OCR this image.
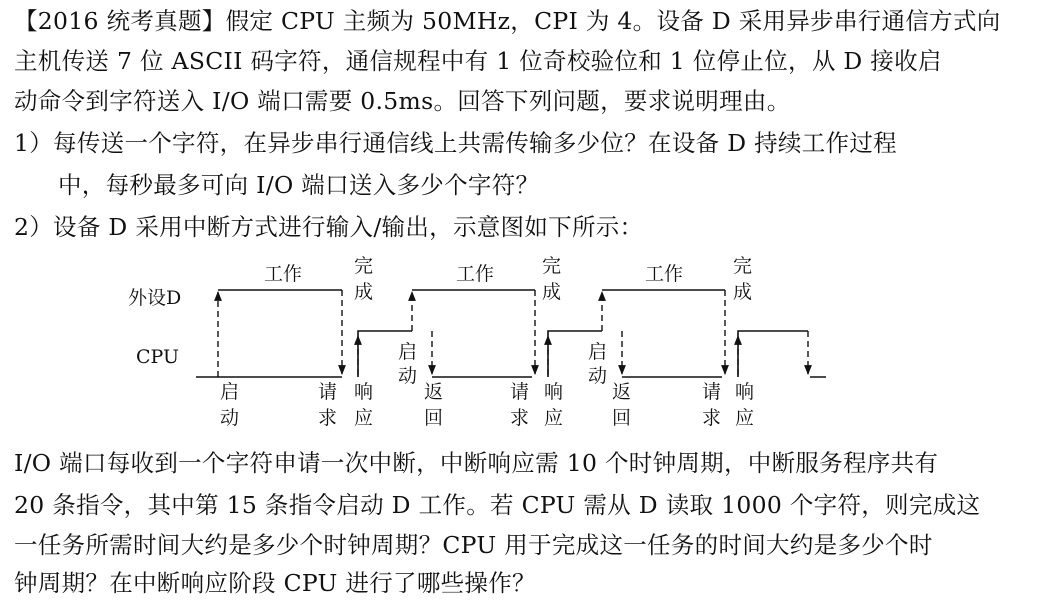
【2016 统考真题】假定 CPU 主频为 50MHz，CPI 为 4。设备 D 采用异步串行通信方式向
主机传送 7 位 ASCII 码字符，通信规程中有 1 位奇校验位和 1 位停止位，从 D 接收启
动命令到字符送入 I/O 端口需要 0.5ms。回答下列问题，要求说明理由。
1）每传送一个字符，在异步串行通信线上共需传输多少位？在设备 D 持续工作过程
中，每秒最多可向 I/O 端口送入多少个字符？
2）设备 D 采用中断方式进行输入/输出，示意图如下所示：
外设D
CPU
工作	工作	工作
完
成
完
成
完
成
启
动
启
动
启
动
请
求
请
求
请
求
响
应
响
应
响
应
返
回
返
回
I/O 端口每收到一个字符申请一次中断，中断响应需 10 个时钟周期，中断服务程序共有
20 条指令，其中第 15 条指令启动 D 工作。若 CPU 需从 D 读取 1000 个字符，则完成这
一任务所需时间大约是多少个时钟周期？CPU 用于完成这一任务的时间大约是多少个时
钟周期？在中断响应阶段 CPU 进行了哪些操作？
